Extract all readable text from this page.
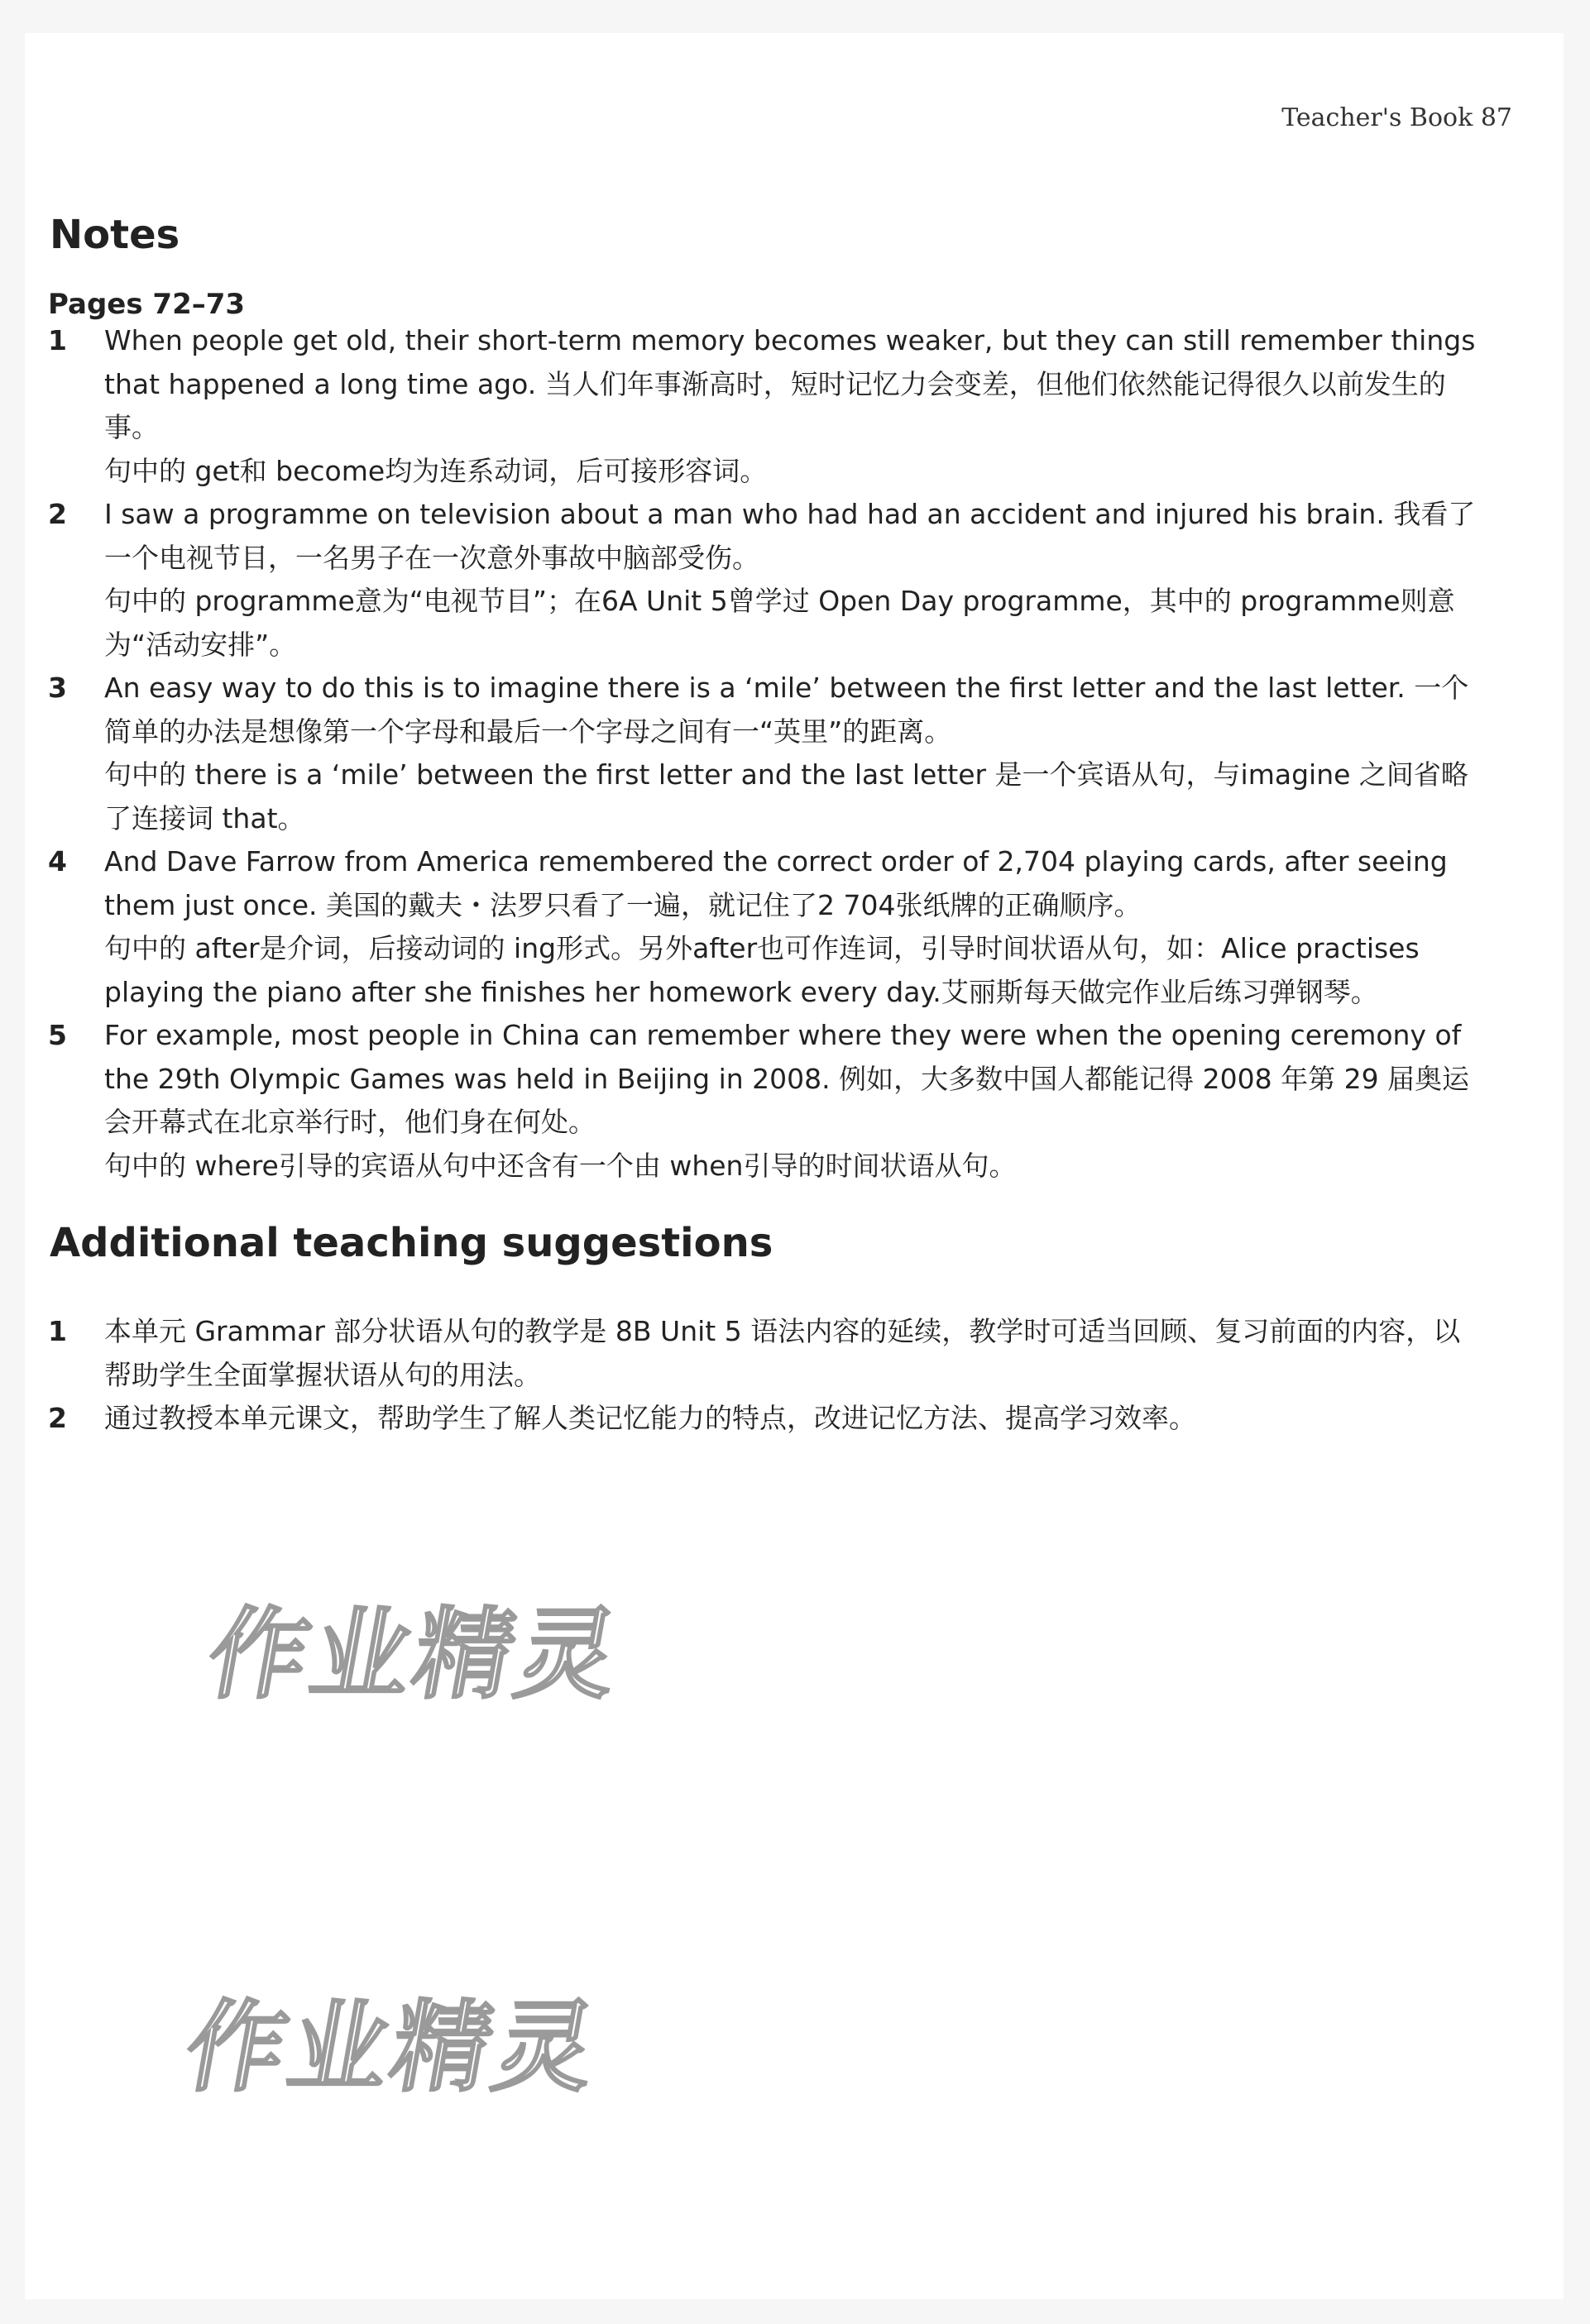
Teacher's Book 87
Notes
Pages 72–73
1 When people get old, their short-term memory becomes weaker, but they can still remember things that happened a long time ago. 当人们年事渐高时，短时记忆力会变差，但他们依然能记得很久以前发生的事。
句中的 get和 become均为连系动词，后可接形容词。
2 I saw a programme on television about a man who had had an accident and injured his brain. 我看了一个电视节目，一名男子在一次意外事故中脑部受伤。
句中的 programme意为“电视节目”；在6A Unit 5曾学过 Open Day programme，其中的 programme则意为“活动安排”。
3 An easy way to do this is to imagine there is a ‘mile’ between the first letter and the last letter. 一个简单的办法是想像第一个字母和最后一个字母之间有一“英里”的距离。
句中的 there is a ‘mile’ between the first letter and the last letter 是一个宾语从句，与imagine 之间省略了连接词 that。
4 And Dave Farrow from America remembered the correct order of 2,704 playing cards, after seeing them just once. 美国的戴夫・法罗只看了一遍，就记住了2 704张纸牌的正确顺序。
句中的 after是介词，后接动词的 ing形式。另外after也可作连词，引导时间状语从句，如：Alice practises playing the piano after she finishes her homework every day.艾丽斯每天做完作业后练习弹钢琴。
5 For example, most people in China can remember where they were when the opening ceremony of the 29th Olympic Games was held in Beijing in 2008. 例如，大多数中国人都能记得 2008 年第 29 届奥运会开幕式在北京举行时，他们身在何处。
句中的 where引导的宾语从句中还含有一个由 when引导的时间状语从句。
Additional teaching suggestions
1 本单元 Grammar 部分状语从句的教学是 8B Unit 5 语法内容的延续，教学时可适当回顾、复习前面的内容，以帮助学生全面掌握状语从句的用法。
2 通过教授本单元课文，帮助学生了解人类记忆能力的特点，改进记忆方法、提高学习效率。
作业精灵
作业精灵
